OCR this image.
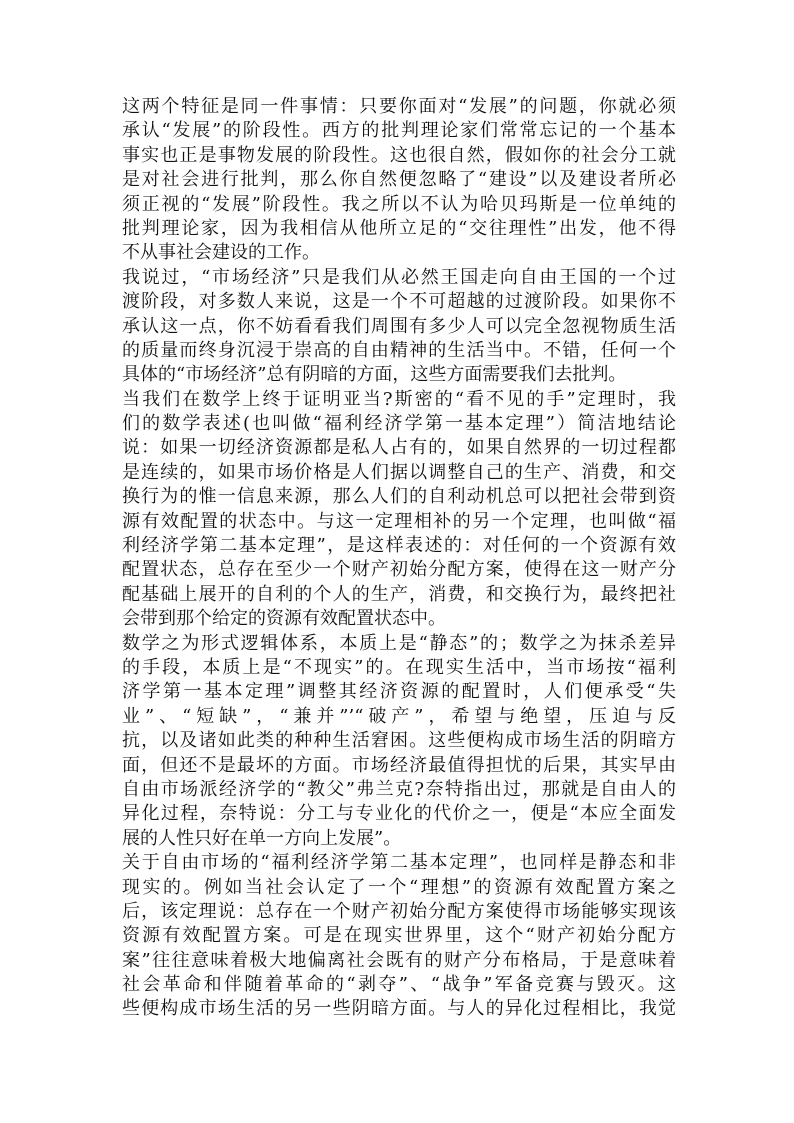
这两个特征是同一件事情：只要你面对“发展”的问题，你就必须
承认“发展”的阶段性。西方的批判理论家们常常忘记的一个基本
事实也正是事物发展的阶段性。这也很自然，假如你的社会分工就
是对社会进行批判，那么你自然便忽略了“建设”以及建设者所必
须正视的“发展”阶段性。我之所以不认为哈贝玛斯是一位单纯的
批判理论家，因为我相信从他所立足的“交往理性”出发，他不得
不从事社会建设的工作。
我说过，“市场经济”只是我们从必然王国走向自由王国的一个过
渡阶段，对多数人来说，这是一个不可超越的过渡阶段。如果你不
承认这一点，你不妨看看我们周围有多少人可以完全忽视物质生活
的质量而终身沉浸于崇高的自由精神的生活当中。不错，任何一个
具体的“市场经济”总有阴暗的方面，这些方面需要我们去批判。
当我们在数学上终于证明亚当?斯密的“看不见的手”定理时，我
们的数学表述(也叫做“福利经济学第一基本定理”）简洁地结论
说：如果一切经济资源都是私人占有的，如果自然界的一切过程都
是连续的，如果市场价格是人们据以调整自己的生产、消费，和交
换行为的惟一信息来源，那么人们的自利动机总可以把社会带到资
源有效配置的状态中。与这一定理相补的另一个定理，也叫做“福
利经济学第二基本定理”，是这样表述的：对任何的一个资源有效
配置状态，总存在至少一个财产初始分配方案，使得在这一财产分
配基础上展开的自利的个人的生产，消费，和交换行为，最终把社
会带到那个给定的资源有效配置状态中。
数学之为形式逻辑体系，本质上是“静态”的；数学之为抹杀差异
的手段，本质上是“不现实”的。在现实生活中，当市场按“福利
济学第一基本定理”调整其经济资源的配置时，人们便承受“失
业”、“短缺”，“兼并”’“破产”，希望与绝望，压迫与反
抗，以及诸如此类的种种生活窘困。这些便构成市场生活的阴暗方
面，但还不是最坏的方面。市场经济最值得担忧的后果，其实早由
自由市场派经济学的“教父”弗兰克?奈特指出过，那就是自由人的
异化过程，奈特说：分工与专业化的代价之一，便是“本应全面发
展的人性只好在单一方向上发展”。
关于自由市场的“福利经济学第二基本定理”，也同样是静态和非
现实的。例如当社会认定了一个“理想”的资源有效配置方案之
后，该定理说：总存在一个财产初始分配方案使得市场能够实现该
资源有效配置方案。可是在现实世界里，这个“财产初始分配方
案”往往意味着极大地偏离社会既有的财产分布格局，于是意味着
社会革命和伴随着革命的“剥夺”、“战争”军备竞赛与毁灭。这
些便构成市场生活的另一些阴暗方面。与人的异化过程相比，我觉
